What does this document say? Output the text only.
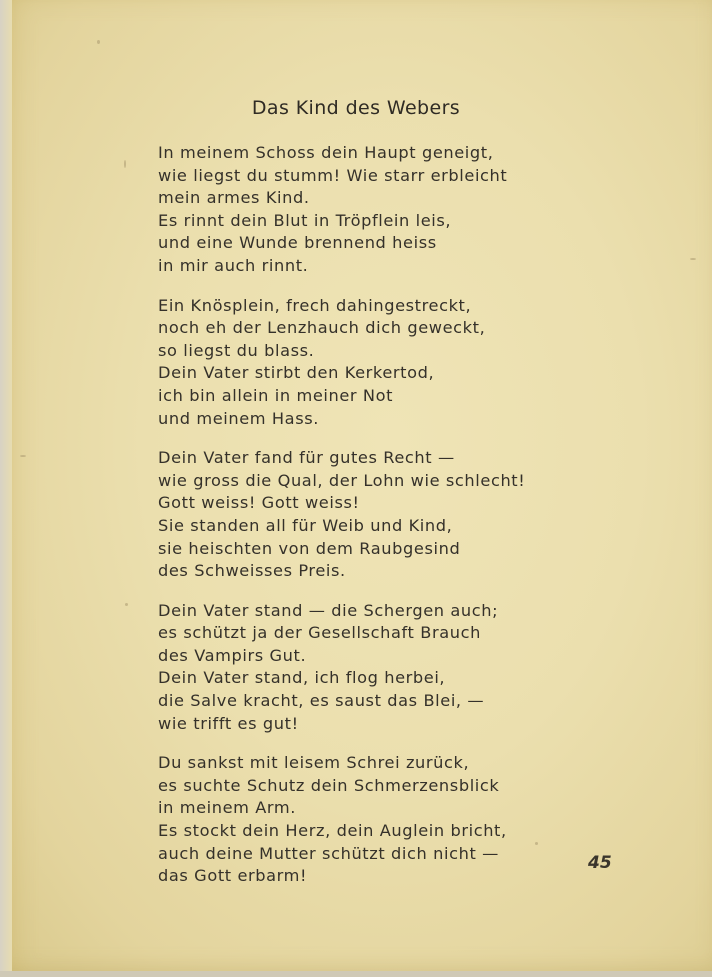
Das Kind des Webers
In meinem Schoss dein Haupt geneigt,
wie liegst du stumm! Wie starr erbleicht
mein armes Kind.
Es rinnt dein Blut in Tröpflein leis,
und eine Wunde brennend heiss
in mir auch rinnt.
Ein Knösplein, frech dahingestreckt,
noch eh der Lenzhauch dich geweckt,
so liegst du blass.
Dein Vater stirbt den Kerkertod,
ich bin allein in meiner Not
und meinem Hass.
Dein Vater fand für gutes Recht —
wie gross die Qual, der Lohn wie schlecht!
Gott weiss! Gott weiss!
Sie standen all für Weib und Kind,
sie heischten von dem Raubgesind
des Schweisses Preis.
Dein Vater stand — die Schergen auch;
es schützt ja der Gesellschaft Brauch
des Vampirs Gut.
Dein Vater stand, ich flog herbei,
die Salve kracht, es saust das Blei, —
wie trifft es gut!
Du sankst mit leisem Schrei zurück,
es suchte Schutz dein Schmerzensblick
in meinem Arm.
Es stockt dein Herz, dein Auglein bricht,
auch deine Mutter schützt dich nicht —
das Gott erbarm!
45
